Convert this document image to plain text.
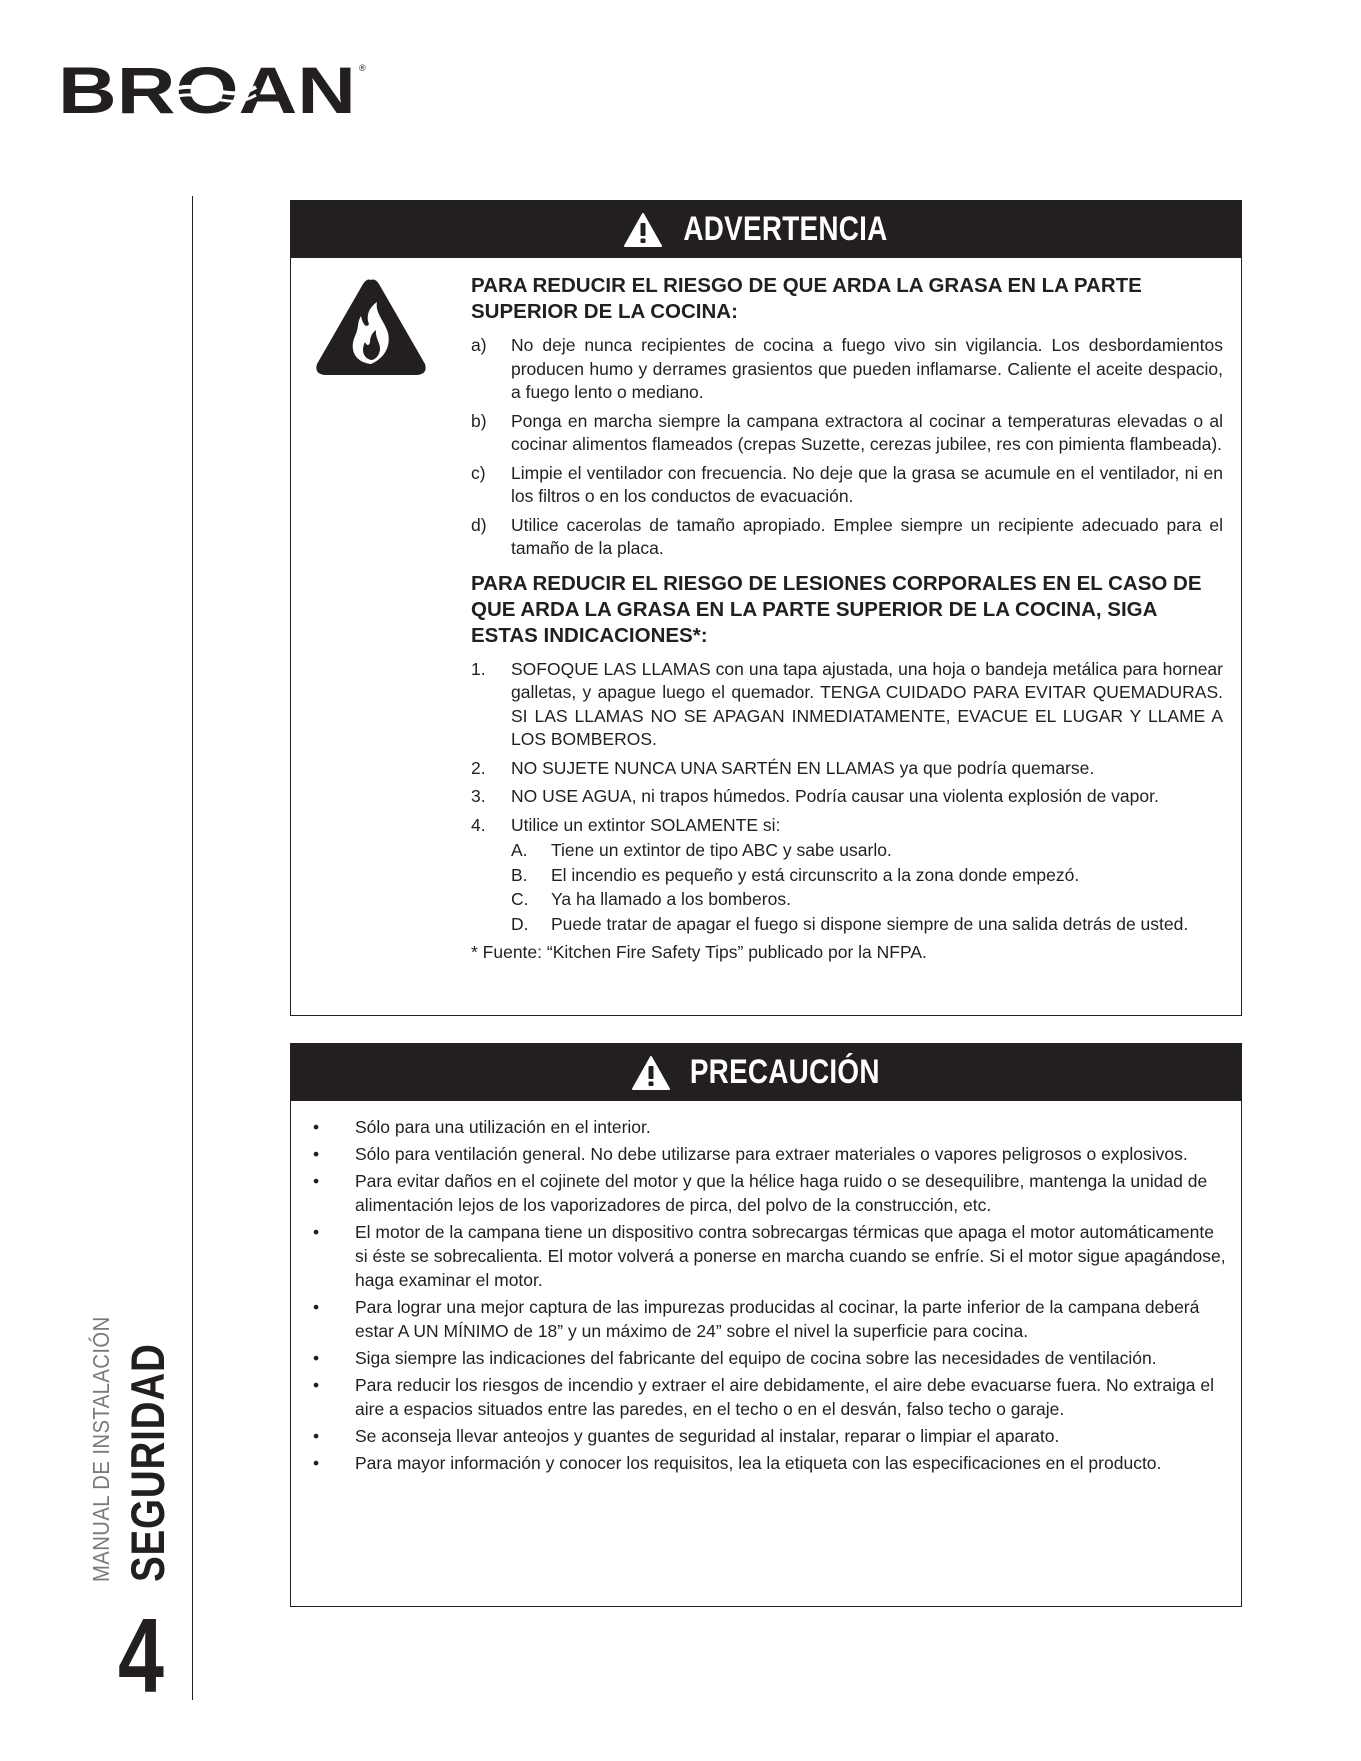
BROAN ®
MANUAL DE INSTALACIÓN SEGURIDAD
4
ADVERTENCIA

PARA REDUCIR EL RIESGO DE QUE ARDA LA GRASA EN LA PARTE SUPERIOR DE LA COCINA:

a) No deje nunca recipientes de cocina a fuego vivo sin vigilancia. Los desbordamientos producen humo y derrames grasientos que pueden inflamarse. Caliente el aceite despacio, a fuego lento o mediano.
b) Ponga en marcha siempre la campana extractora al cocinar a temperaturas elevadas o al cocinar alimentos flameados (crepas Suzette, cerezas jubilee, res con pimienta flambeada).
c) Limpie el ventilador con frecuencia. No deje que la grasa se acumule en el ventilador, ni en los filtros o en los conductos de evacuación.
d) Utilice cacerolas de tamaño apropiado. Emplee siempre un recipiente adecuado para el tamaño de la placa.

PARA REDUCIR EL RIESGO DE LESIONES CORPORALES EN EL CASO DE QUE ARDA LA GRASA EN LA PARTE SUPERIOR DE LA COCINA, SIGA ESTAS INDICACIONES*:

1. SOFOQUE LAS LLAMAS con una tapa ajustada, una hoja o bandeja metálica para hornear galletas, y apague luego el quemador. TENGA CUIDADO PARA EVITAR QUEMADURAS. SI LAS LLAMAS NO SE APAGAN INMEDIATAMENTE, EVACUE EL LUGAR Y LLAME A LOS BOMBEROS.
2. NO SUJETE NUNCA UNA SARTÉN EN LLAMAS ya que podría quemarse.
3. NO USE AGUA, ni trapos húmedos. Podría causar una violenta explosión de vapor.
4. Utilice un extintor SOLAMENTE si:
A. Tiene un extintor de tipo ABC y sabe usarlo.
B. El incendio es pequeño y está circunscrito a la zona donde empezó.
C. Ya ha llamado a los bomberos.
D. Puede tratar de apagar el fuego si dispone siempre de una salida detrás de usted.

* Fuente: “Kitchen Fire Safety Tips” publicado por la NFPA.

PRECAUCIÓN
• Sólo para una utilización en el interior.
• Sólo para ventilación general. No debe utilizarse para extraer materiales o vapores peligrosos o explosivos.
• Para evitar daños en el cojinete del motor y que la hélice haga ruido o se desequilibre, mantenga la unidad de alimentación lejos de los vaporizadores de pirca, del polvo de la construcción, etc.
• El motor de la campana tiene un dispositivo contra sobrecargas térmicas que apaga el motor automáticamente si éste se sobrecalienta. El motor volverá a ponerse en marcha cuando se enfríe. Si el motor sigue apagándose, haga examinar el motor.
• Para lograr una mejor captura de las impurezas producidas al cocinar, la parte inferior de la campana deberá estar A UN MÍNIMO de 18” y un máximo de 24” sobre el nivel la superficie para cocina.
• Siga siempre las indicaciones del fabricante del equipo de cocina sobre las necesidades de ventilación.
• Para reducir los riesgos de incendio y extraer el aire debidamente, el aire debe evacuarse fuera. No extraiga el aire a espacios situados entre las paredes, en el techo o en el desván, falso techo o garaje.
• Se aconseja llevar anteojos y guantes de seguridad al instalar, reparar o limpiar el aparato.
• Para mayor información y conocer los requisitos, lea la etiqueta con las especificaciones en el producto.
